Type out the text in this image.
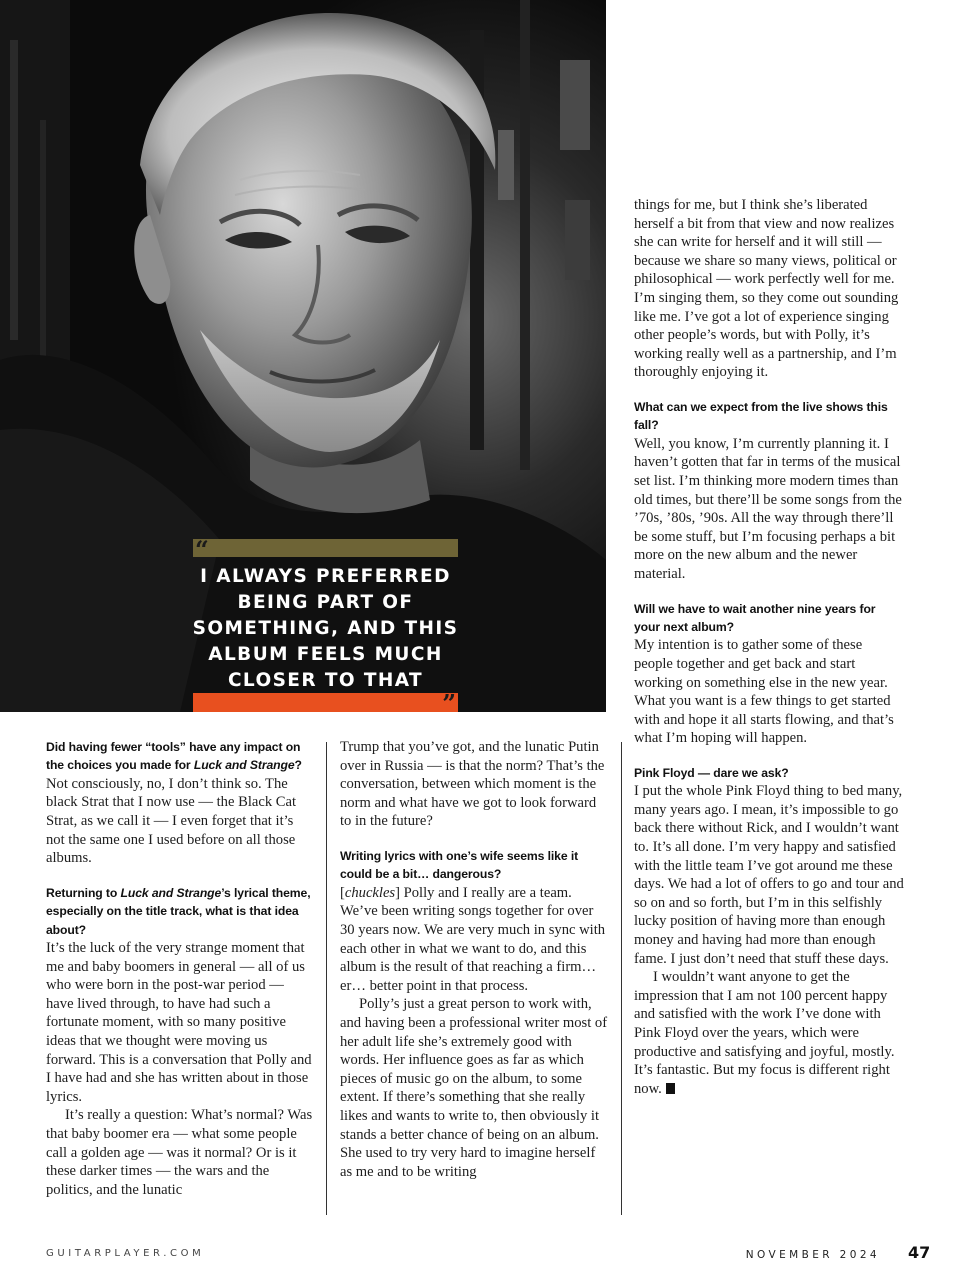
“
I ALWAYS PREFERRED
BEING PART OF
SOMETHING, AND THIS
ALBUM FEELS MUCH
CLOSER TO THAT
”

Did having fewer “tools” have any impact on the choices you made for Luck and Strange?

Not consciously, no, I don’t think so. The black Strat that I now use — the Black Cat Strat, as we call it — I even forget that it’s not the same one I used before on all those albums.

Returning to Luck and Strange’s lyrical theme, especially on the title track, what is that idea about?

It’s the luck of the very strange moment that me and baby boomers in general — all of us who were born in the post-war period — have lived through, to have had such a fortunate moment, with so many positive ideas that we thought were moving us forward. This is a conversation that Polly and I have had and she has written about in those lyrics.

It’s really a question: What’s normal? Was that baby boomer era — what some people call a golden age — was it normal? Or is it these darker times — the wars and the politics, and the lunatic

Trump that you’ve got, and the lunatic Putin over in Russia — is that the norm? That’s the conversation, between which moment is the norm and what have we got to look forward to in the future?

Writing lyrics with one’s wife seems like it could be a bit… dangerous?

[chuckles] Polly and I really are a team. We’ve been writing songs together for over 30 years now. We are very much in sync with each other in what we want to do, and this album is the result of that reaching a firm… er… better point in that process.

Polly’s just a great person to work with, and having been a professional writer most of her adult life she’s extremely good with words. Her influence goes as far as which pieces of music go on the album, to some extent. If there’s something that she really likes and wants to write to, then obviously it stands a better chance of being on an album. She used to try very hard to imagine herself as me and to be writing

things for me, but I think she’s liberated herself a bit from that view and now realizes she can write for herself and it will still — because we share so many views, political or philosophical — work perfectly well for me. I’m singing them, so they come out sounding like me. I’ve got a lot of experience singing other people’s words, but with Polly, it’s working really well as a partnership, and I’m thoroughly enjoying it.

What can we expect from the live shows this fall?

Well, you know, I’m currently planning it. I haven’t gotten that far in terms of the musical set list. I’m thinking more modern times than old times, but there’ll be some songs from the ’70s, ’80s, ’90s. All the way through there’ll be some stuff, but I’m focusing perhaps a bit more on the new album and the newer material.

Will we have to wait another nine years for your next album?

My intention is to gather some of these people together and get back and start working on something else in the new year. What you want is a few things to get started with and hope it all starts flowing, and that’s what I’m hoping will happen.

Pink Floyd — dare we ask?

I put the whole Pink Floyd thing to bed many, many years ago. I mean, it’s impossible to go back there without Rick, and I wouldn’t want to. It’s all done. I’m very happy and satisfied with the little team I’ve got around me these days. We had a lot of offers to go and tour and so on and so forth, but I’m in this selfishly lucky position of having more than enough money and having had more than enough fame. I just don’t need that stuff these days.

I wouldn’t want anyone to get the impression that I am not 100 percent happy and satisfied with the work I’ve done with Pink Floyd over the years, which were productive and satisfying and joyful, mostly. It’s fantastic. But my focus is different right now.

GUITARPLAYER.COM	NOVEMBER 2024 47
